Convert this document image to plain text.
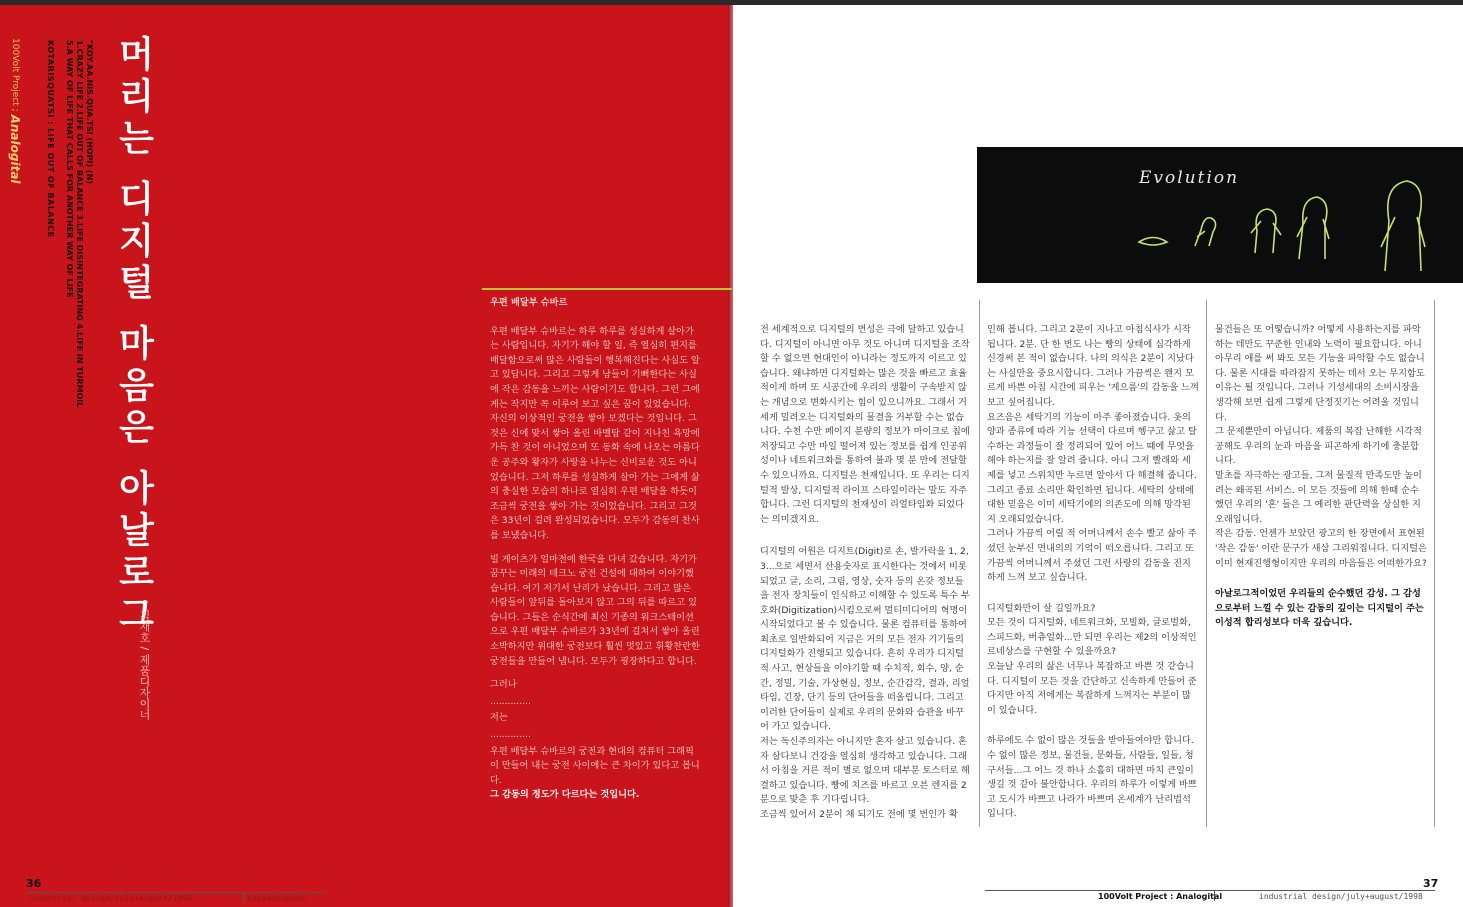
100Volt Project ; Analogital	KOTARISQUATSI : LIFE OUT OF BALANCE	"KOY.AA.NIS.QUA.TSI (HOPI) (N)
1.CRAZY LIFE 2.LIFE OUT OF BALANCE 3.LIFE DISINTEGRATING 4.LIFE IN TURMOIL
5.A WAY OF LIFE THAT CALLS FOR ANOTHER WAY OF LIFE 머리는 디지털 마음은 아날로그
김재호 / 제품디자이너

우편 배달부 슈바르

우편 배달부 슈바르는 하루 하루를 성실하게 살아가는 사람입니다. 자기가 해야 할 일, 즉 열심히 편지를 배달함으로써 많은 사람들이 행복해진다는 사실도 알고 있답니다. 그리고 그렇게 남들이 기뻐한다는 사실에 작은 감동을 느끼는 사람이기도 합니다. 그런 그에게는 작지만 꼭 이루어 보고 싶은 꿈이 있었습니다. 자신의 이상적인 궁전을 쌓아 보겠다는 것입니다. 그것은 신에 맞서 쌓아 올린 바벨탑 같이 지나친 욕망에 가득 찬 것이 아니었으며 또 동화 속에 나오는 아름다운 공주와 왕자가 사랑을 나누는 신비로운 것도 아니었습니다. 그저 하루를 성실하게 살아 가는 그에게 삶의 충실한 모습의 하나로 열심히 우편 배달을 하듯이 조금씩 궁전을 쌓아 가는 것이었습니다. 그리고 그것은 33년이 걸려 완성되었습니다. 모두가 감동의 찬사를 보냈습니다.

빌 게이츠가 얼마전에 한국을 다녀 갔습니다. 자기가 꿈꾸는 미래의 테크노 궁전 건설에 대하여 이야기했습니다. 여기 저기서 난리가 났습니다. 그리고 많은 사람들이 앞뒤를 돌아보지 않고 그의 뒤를 따르고 있습니다. 그들은 순식간에 최신 기종의 워크스테이션으로 우편 배달부 슈바르가 33년에 걸쳐서 쌓아 올린 소박하지만 위대한 궁전보다 훨씬 멋있고 휘황찬란한 궁전들을 만들어 냅니다. 모두가 굉장하다고 합니다.

그러나

..............

저는

..............

우편 배달부 슈바르의 궁전과 현대의 컴퓨터 그래픽이 만들어 내는 궁전 사이에는 큰 차이가 있다고 봅니다.

그 감동의 정도가 다르다는 것입니다.

36
industrial design/july+august/1999	Koyaanisquatsi
Evolution

전 세계적으로 디지털의 번성은 극에 달하고 있습니다. 디지털이 아니면 아무 것도 아니며 디지털을 조작할 수 없으면 현대인이 아니라는 정도까지 이르고 있습니다. 왜냐하면 디지털화는 많은 것을 빠르고 효율적이게 하며 또 시공간에 우리의 생활이 구속받지 않는 개념으로 변화시키는 힘이 있으니까요. 그래서 거세게 밀려오는 디지털화의 물결을 거부할 수는 없습니다. 수천 수만 페이지 분량의 정보가 마이크로 칩에 저장되고 수만 마일 떨어져 있는 정보를 쉽게 인공위성이나 네트워크화를 통하여 불과 몇 분 만에 전달할 수 있으니까요. 디지털은 천재입니다. 또 우리는 디지털적 발상, 디지털적 라이프 스타일이라는 말도 자주 합니다. 그런 디지털의 천재성이 리얼타임화 되었다는 의미겠지요.

디지털의 어원은 디지트(Digit)로 손, 발가락을 1, 2, 3...으로 세면서 산용숫자로 표시한다는 것에서 비롯되었고 글, 소리, 그림, 영상, 숫자 등의 온갖 정보들을 전자 장치들이 인식하고 이해할 수 있도록 특수 부호화(Digitization)시킴으로써 멀티미디어의 혁명이 시작되었다고 볼 수 있습니다. 물론 컴퓨터를 통하여 최초로 일반화되어 지금은 거의 모든 전자 기기들의 디지털화가 진행되고 있습니다. 흔히 우리가 디지털적 사고, 현상들을 이야기할 때 수치적, 회수, 양, 순간, 정밀, 기술, 가상현실, 정보, 순간감각, 결과, 리얼타임, 긴장, 단기 등의 단어들을 떠올립니다. 그리고 이러한 단어들이 실제로 우리의 문화와 습관을 바꾸어 가고 있습니다.

저는 독신주의자는 아니지만 혼자 살고 있습니다. 혼자 살다보니 건강을 열심히 생각하고 있습니다. 그래서 아침을 거른 적이 별로 없으며 대부분 토스터로 해결하고 있습니다. 빵에 치즈를 바르고 오븐 렌지를 2분으로 맞춘 후 기다립니다.

조금씩 있어서 2분이 채 되기도 전에 몇 번인가 확

인해 봅니다. 그리고 2분이 지나고 아침식사가 시작됩니다. 2분. 단 한 번도 나는 빵의 상태에 심각하게 신경써 본 적이 없습니다. 나의 의식은 2분이 지났다는 사실만을 중요시합니다. 그러나 가끔씩은 왠지 모르게 바쁜 아침 시간에 피우는 '게으름'의 감동을 느껴 보고 싶어집니다.

요즈음은 세탁기의 기능이 아주 좋아졌습니다. 옷의 양과 종류에 따라 기능 선택이 다르며 헹구고 삶고 탈수하는 과정들이 잘 정리되어 있어 어느 때에 무엇을 해야 하는지를 잘 알려 줍니다. 아니 그저 빨래와 세제를 넣고 스위치만 누르면 알아서 다 해결해 줍니다. 그리고 종료 소리만 확인하면 됩니다. 세탁의 상태에 대한 믿음은 이미 세탁기에의 의존도에 의해 망각된 지 오래되었습니다.

그러나 가끔씩 어릴 적 어머니께서 손수 빨고 삶아 주셨던 눈부신 면내의의 기억이 떠오릅니다. 그리고 또 가끔씩 어머니께서 주셨던 그런 사랑의 감동을 진지하게 느껴 보고 싶습니다.

디지털화만이 살 길일까요?

모든 것이 디지털화, 네트워크화, 모빌화, 글로벌화, 스피드화, 버츄얼화...만 되면 우리는 제2의 이상적인 르네상스를 구현할 수 있을까요?

오늘날 우리의 삶은 너무나 복잡하고 바쁜 것 같습니다. 디지털이 모든 것을 간단하고 신속하게 만들어 준다지만 아직 저에게는 복잡하게 느껴지는 부분이 많이 있습니다.

하루에도 수 없이 많은 것들을 받아들여야만 합니다. 수 없이 많은 정보, 물건들, 문화들, 사람들, 일들, 청구서들...그 어느 것 하나 소홀히 대하면 마치 큰일이 생길 것 같아 불안합니다. 우리의 하루가 이렇게 바쁘고 도시가 바쁘고 나라가 바쁘며 온세계가 난리법석입니다.

물건들은 또 어떻습니까? 어떻게 사용하는지를 파악하는 데만도 꾸준한 인내와 노력이 필요합니다. 아니 아무리 애를 써 봐도 모든 기능을 파악할 수도 없습니다. 물론 시대를 따라잡지 못하는 데서 오는 무지함도 이유는 될 것입니다. 그러나 기성세대의 소비시장을 생각해 보면 쉽게 그렇게 단정짓기는 어려울 것입니다.

그 문제뿐만이 아닙니다. 제품의 복잡 난해한 시각적 공해도 우리의 눈과 마음을 피곤하게 하기에 충분합니다.

말초를 자극하는 광고들, 그저 물질적 만족도만 높이려는 왜곡된 서비스. 이 모든 것들에 의해 한때 순수했던 우리의 '혼' 들은 그 예리한 판단력을 상실한 지 오래입니다.

작은 감동. 언젠가 보았던 광고의 한 장면에서 표현된 '작은 감동' 이란 문구가 새삼 그리워집니다. 디지털은 이미 현재진행형이지만 우리의 마음들은 어떠한가요?

아날로그적이었던 우리들의 순수했던 감성. 그 감성으로부터 느낄 수 있는 감동의 깊이는 디지털이 주는 이성적 합리성보다 더욱 깊습니다.

37
100Volt Project : Analogital	industrial design/july+august/1998
